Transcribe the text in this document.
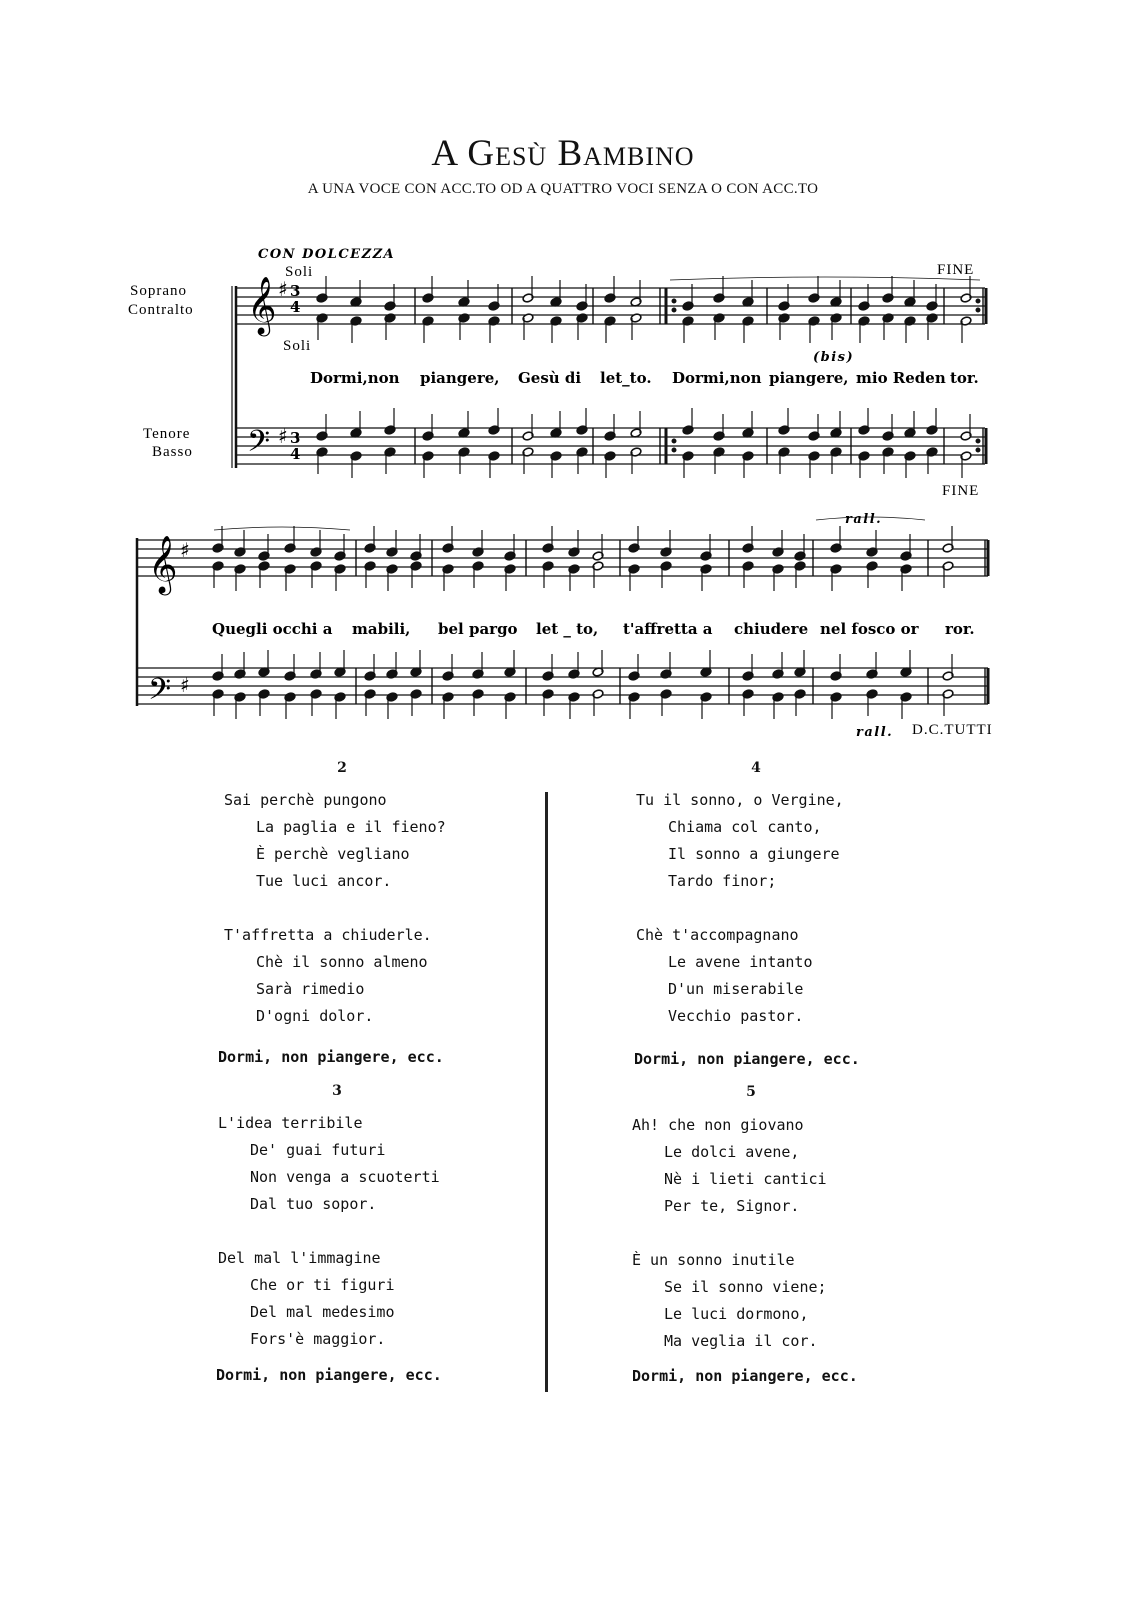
A Gesù Bambino
A UNA VOCE CON ACC.TO OD A QUATTRO VOCI SENZA O CON ACC.TO
𝄞
𝄢
𝄞
𝄢
♯
♯
♯
♯
3
4
3
4
CON DOLCEZZA
Soli
Soli
FINE
FINE
(bis)
Soprano
Contralto
Tenore
Basso
rall.
rall. D.C.TUTTI
Dormi,non piangere, Gesù di let_to. Dormi,non piangere, mio Reden tor.
Quegli occhi a mabili, bel pargo let _ to, t'affretta a chiudere nel fosco or ror.
2
Sai perchè pungono
La paglia e il fieno?
È perchè vegliano
Tue luci ancor.
T'affretta a chiuderle.
Chè il sonno almeno
Sarà rimedio
D'ogni dolor.
Dormi, non piangere, ecc.
3
L'idea terribile
De' guai futuri
Non venga a scuoterti
Dal tuo sopor.
Del mal l'immagine
Che or ti figuri
Del mal medesimo
Fors'è maggior.
Dormi, non piangere, ecc.
4
Tu il sonno, o Vergine,
Chiama col canto,
Il sonno a giungere
Tardo finor;
Chè t'accompagnano
Le avene intanto
D'un miserabile
Vecchio pastor.
Dormi, non piangere, ecc.
5
Ah! che non giovano
Le dolci avene,
Nè i lieti cantici
Per te, Signor.
È un sonno inutile
Se il sonno viene;
Le luci dormono,
Ma veglia il cor.
Dormi, non piangere, ecc.
